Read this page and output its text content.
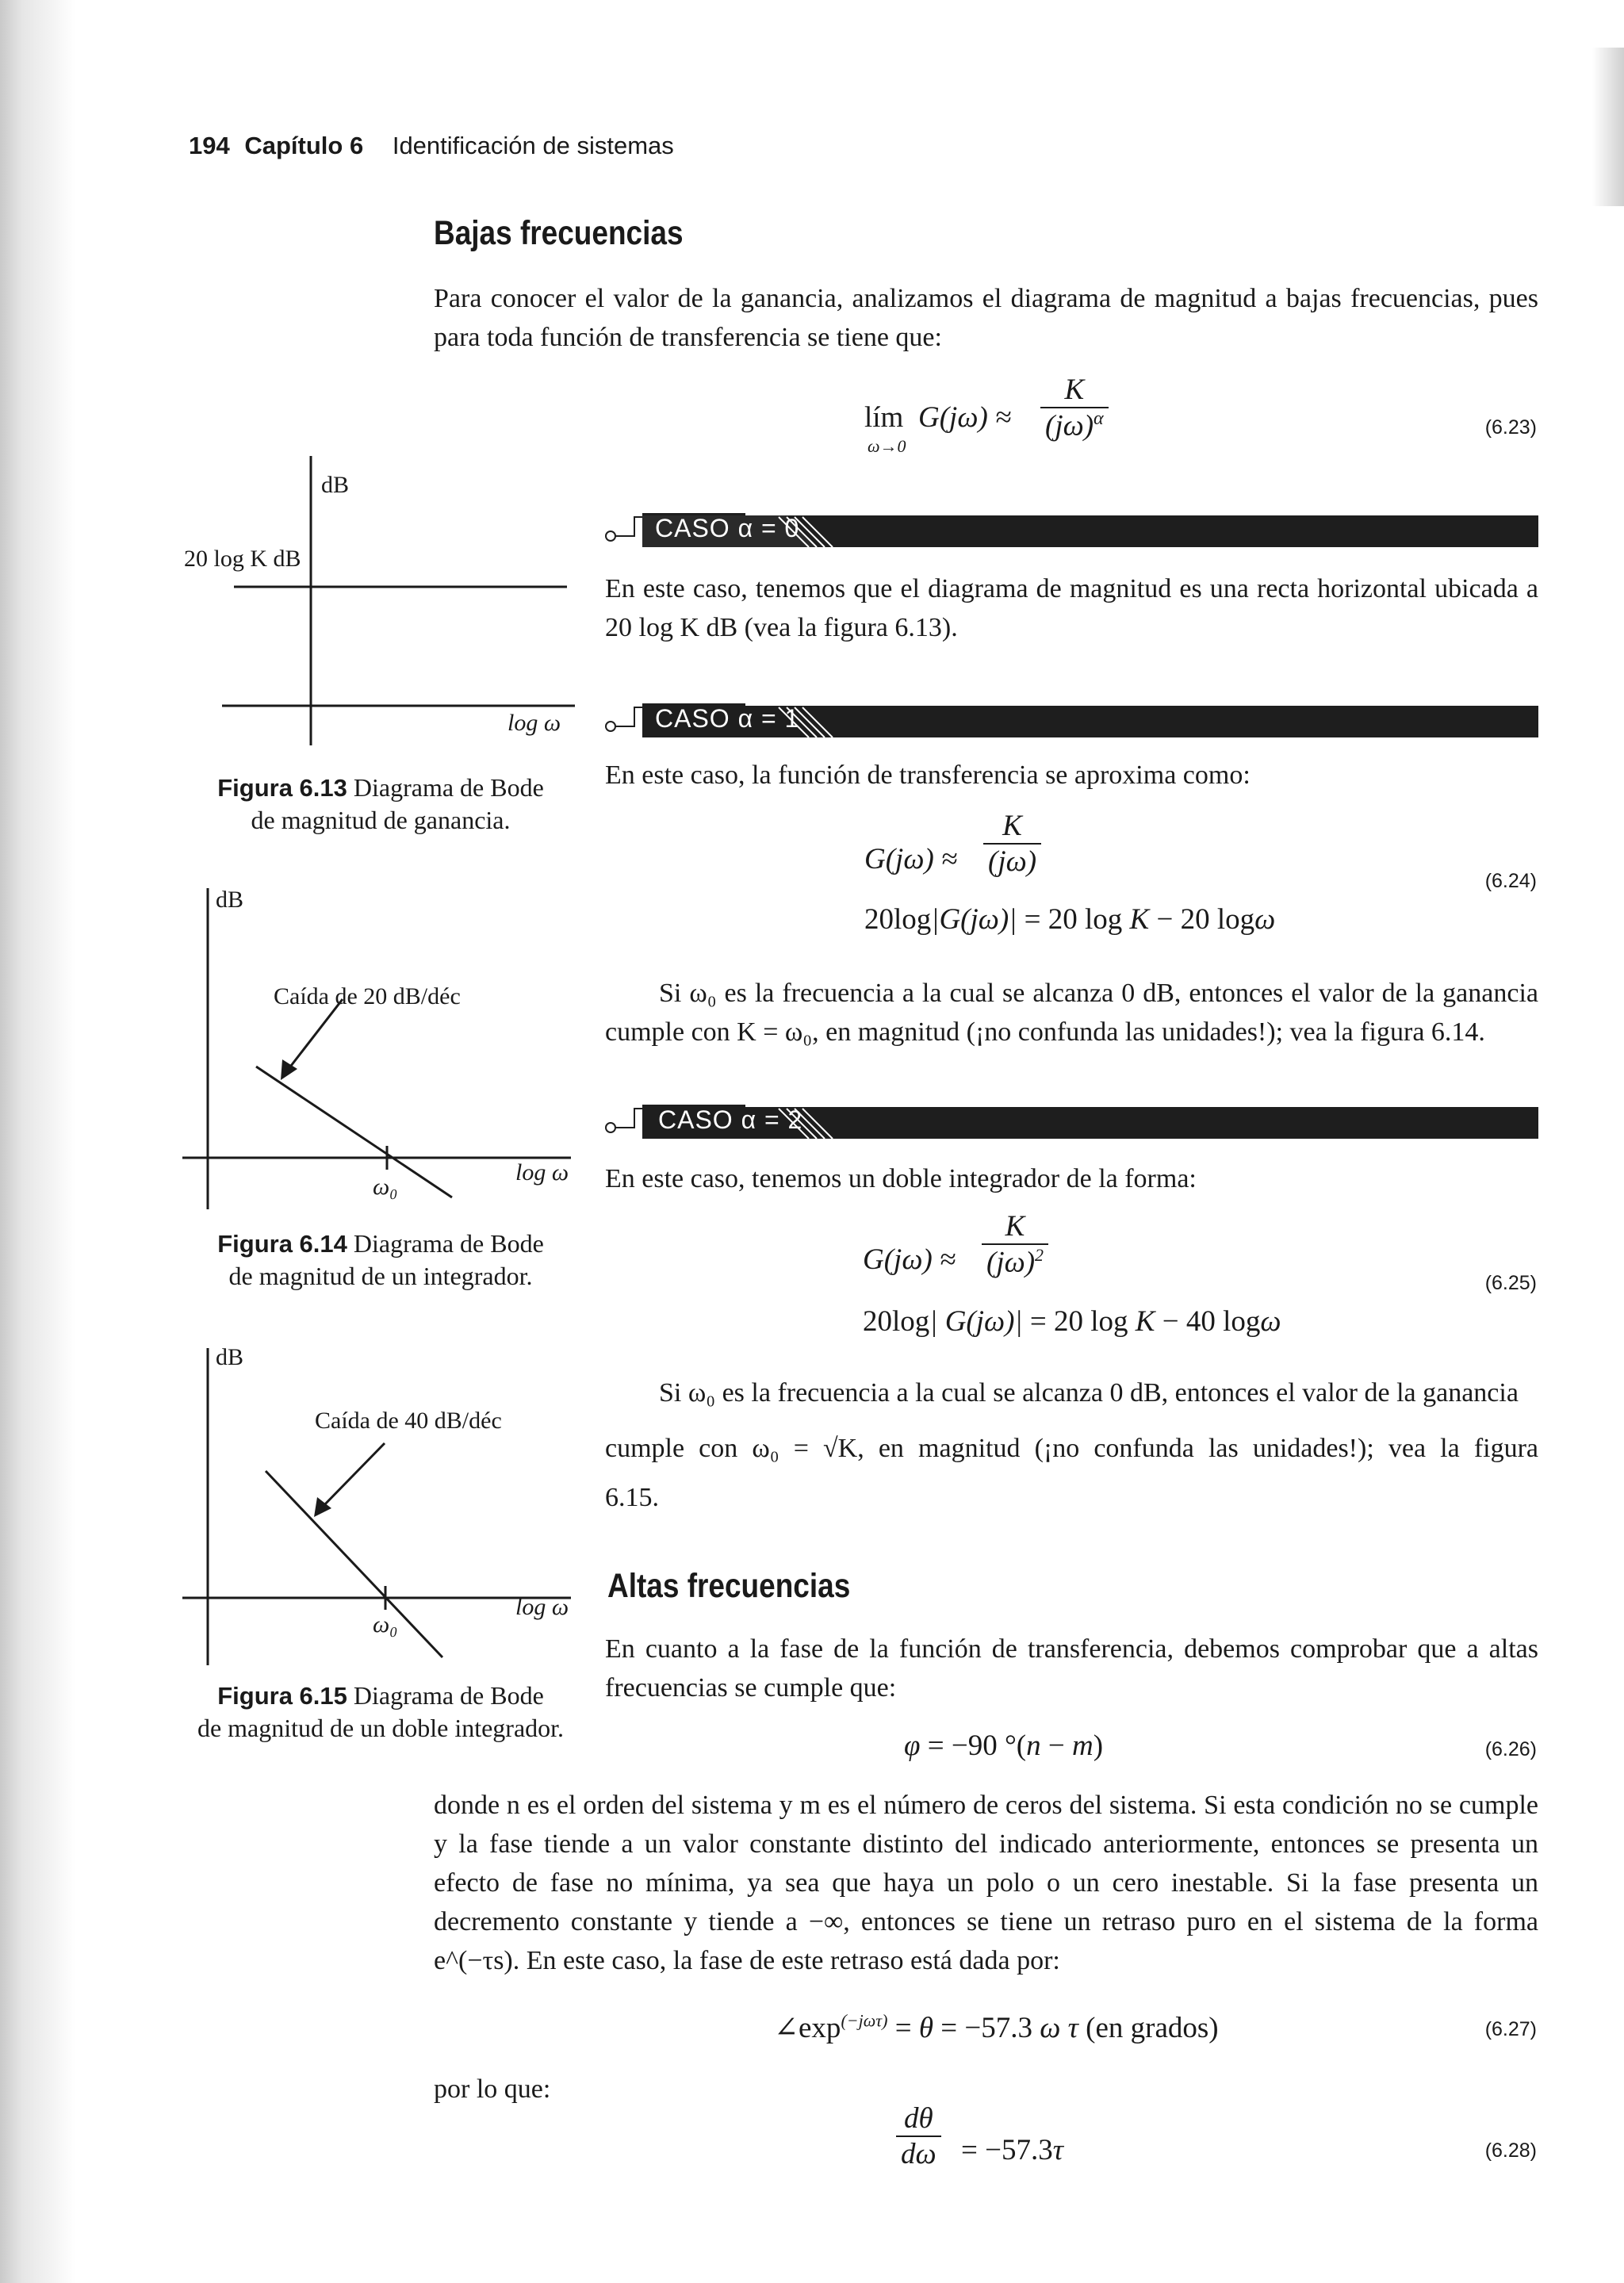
194 Capítulo 6 Identificación de sistemas
Bajas frecuencias
Para conocer el valor de la ganancia, analizamos el diagrama de magnitud a bajas frecuencias, pues para toda función de transferencia se tiene que:
lím
ω→0
$G(j\omega) \approx \frac{K}{(j\omega)^\alpha}$	(6.23)
CASO α = 0
En este caso, tenemos que el diagrama de magnitud es una recta horizontal ubicada a 20 log K dB (vea la figura 6.13).
CASO α = 1
En este caso, la función de transferencia se aproxima como:
$G(j\omega) \approx \frac{K}{(j\omega)}$
20log|G(jω)| = 20 log K − 20 logω
(6.24)
Si ω₀ es la frecuencia a la cual se alcanza 0 dB, entonces el valor de la ganancia cumple con K = ω₀, en magnitud (¡no confunda las unidades!); vea la figura 6.14.
CASO α = 2
En este caso, tenemos un doble integrador de la forma:
$G(j\omega) \approx \frac{K}{(j\omega)^2}$
20log| G(jω)| = 20 log K − 40 logω
(6.25)
Si ω₀ es la frecuencia a la cual se alcanza 0 dB, entonces el valor de la ganancia
cumple con ω₀ = √K, en magnitud (¡no confunda las unidades!); vea la figura
6.15.
Altas frecuencias
En cuanto a la fase de la función de transferencia, debemos comprobar que a altas frecuencias se cumple que:
φ = −90 °(n − m)	(6.26)
donde n es el orden del sistema y m es el número de ceros del sistema. Si esta condición no se cumple y la fase tiende a un valor constante distinto del indicado anteriormente, entonces se presenta un efecto de fase no mínima, ya sea que haya un polo o un cero inestable. Si la fase presenta un decremento constante y tiende a −∞, entonces se tiene un retraso puro en el sistema de la forma e^(−τs). En este caso, la fase de este retraso está dada por:
$\angle\exp^{(-j\omega\tau)} = \theta = -57.3$ ω τ (en grados)	(6.27)
por lo que:
$\frac{d\theta}{d\omega} = -57.3\tau$	(6.28)
dB
20 log K dB
log ω
Figura 6.13 Diagrama de Bode
de magnitud de ganancia.
dB
Caída de 20 dB/déc
ω₀
log ω
Figura 6.14 Diagrama de Bode
de magnitud de un integrador.
dB
Caída de 40 dB/déc
ω₀
log ω
Figura 6.15 Diagrama de Bode
de magnitud de un doble integrador.
